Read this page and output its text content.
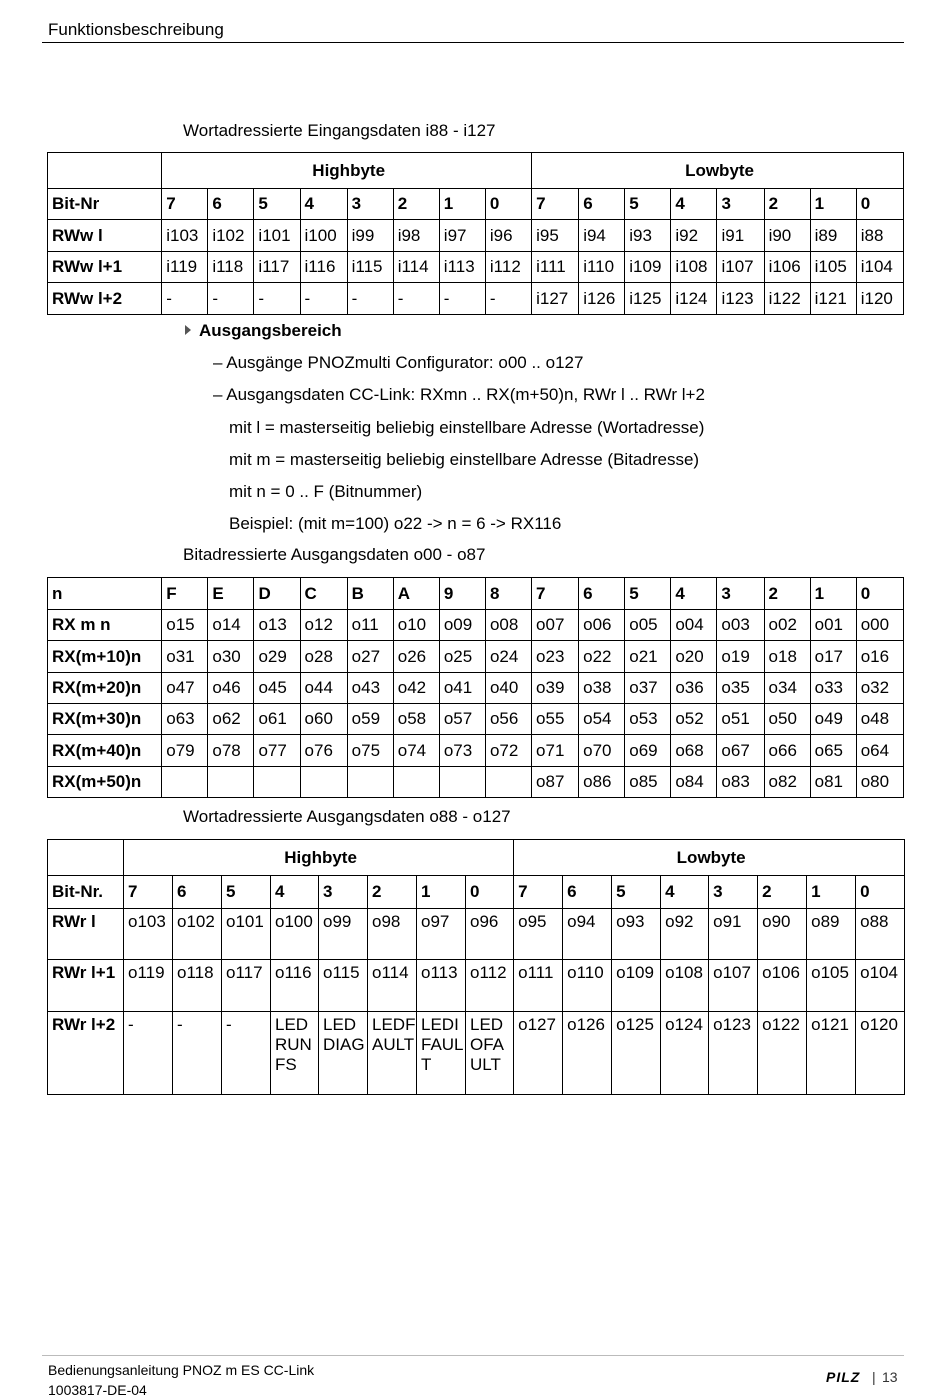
Funktionsbeschreibung
Wortadressierte Eingangsdaten i88 - i127
	Highbyte								Lowbyte							
Bit-Nr	7	6	5	4	3	2	1	0	7	6	5	4	3	2	1	0
RWw l	i103	i102	i101	i100	i99	i98	i97	i96	i95	i94	i93	i92	i91	i90	i89	i88
RWw l+1	i119	i118	i117	i116	i115	i114	i113	i112	i111	i110	i109	i108	i107	i106	i105	i104
RWw l+2	-	-	-	-	-	-	-	-	i127	i126	i125	i124	i123	i122	i121	i120
Ausgangsbereich
– Ausgänge PNOZmulti Configurator: o00 .. o127
– Ausgangsdaten CC-Link: RXmn .. RX(m+50)n, RWr l .. RWr l+2
mit l = masterseitig beliebig einstellbare Adresse (Wortadresse)
mit m = masterseitig beliebig einstellbare Adresse (Bitadresse)
mit n = 0 .. F (Bitnummer)
Beispiel: (mit m=100) o22 -> n = 6 -> RX116
Bitadressierte Ausgangsdaten o00 - o87
n	F	E	D	C	B	A	9	8	7	6	5	4	3	2	1	0
RX m n	o15	o14	o13	o12	o11	o10	o09	o08	o07	o06	o05	o04	o03	o02	o01	o00
RX(m+10)n	o31	o30	o29	o28	o27	o26	o25	o24	o23	o22	o21	o20	o19	o18	o17	o16
RX(m+20)n	o47	o46	o45	o44	o43	o42	o41	o40	o39	o38	o37	o36	o35	o34	o33	o32
RX(m+30)n	o63	o62	o61	o60	o59	o58	o57	o56	o55	o54	o53	o52	o51	o50	o49	o48
RX(m+40)n	o79	o78	o77	o76	o75	o74	o73	o72	o71	o70	o69	o68	o67	o66	o65	o64
RX(m+50)n									o87	o86	o85	o84	o83	o82	o81	o80
Wortadressierte Ausgangsdaten o88 - o127
	Highbyte								Lowbyte							
Bit-Nr.	7	6	5	4	3	2	1	0	7	6	5	4	3	2	1	0
RWr l	o103	o102	o101	o100	o99	o98	o97	o96	o95	o94	o93	o92	o91	o90	o89	o88
RWr l+1	o119	o118	o117	o116	o115	o114	o113	o112	o111	o110	o109	o108	o107	o106	o105	o104
RWr l+2	-	-	-	LEDRUNFS	LEDDIAG	LEDFAULT	LEDIFAULT	LEDOFAULT	o127	o126	o125	o124	o123	o122	o121	o120
Bedienungsanleitung PNOZ m ES CC-Link
1003817-DE-04
PILZ | 13
